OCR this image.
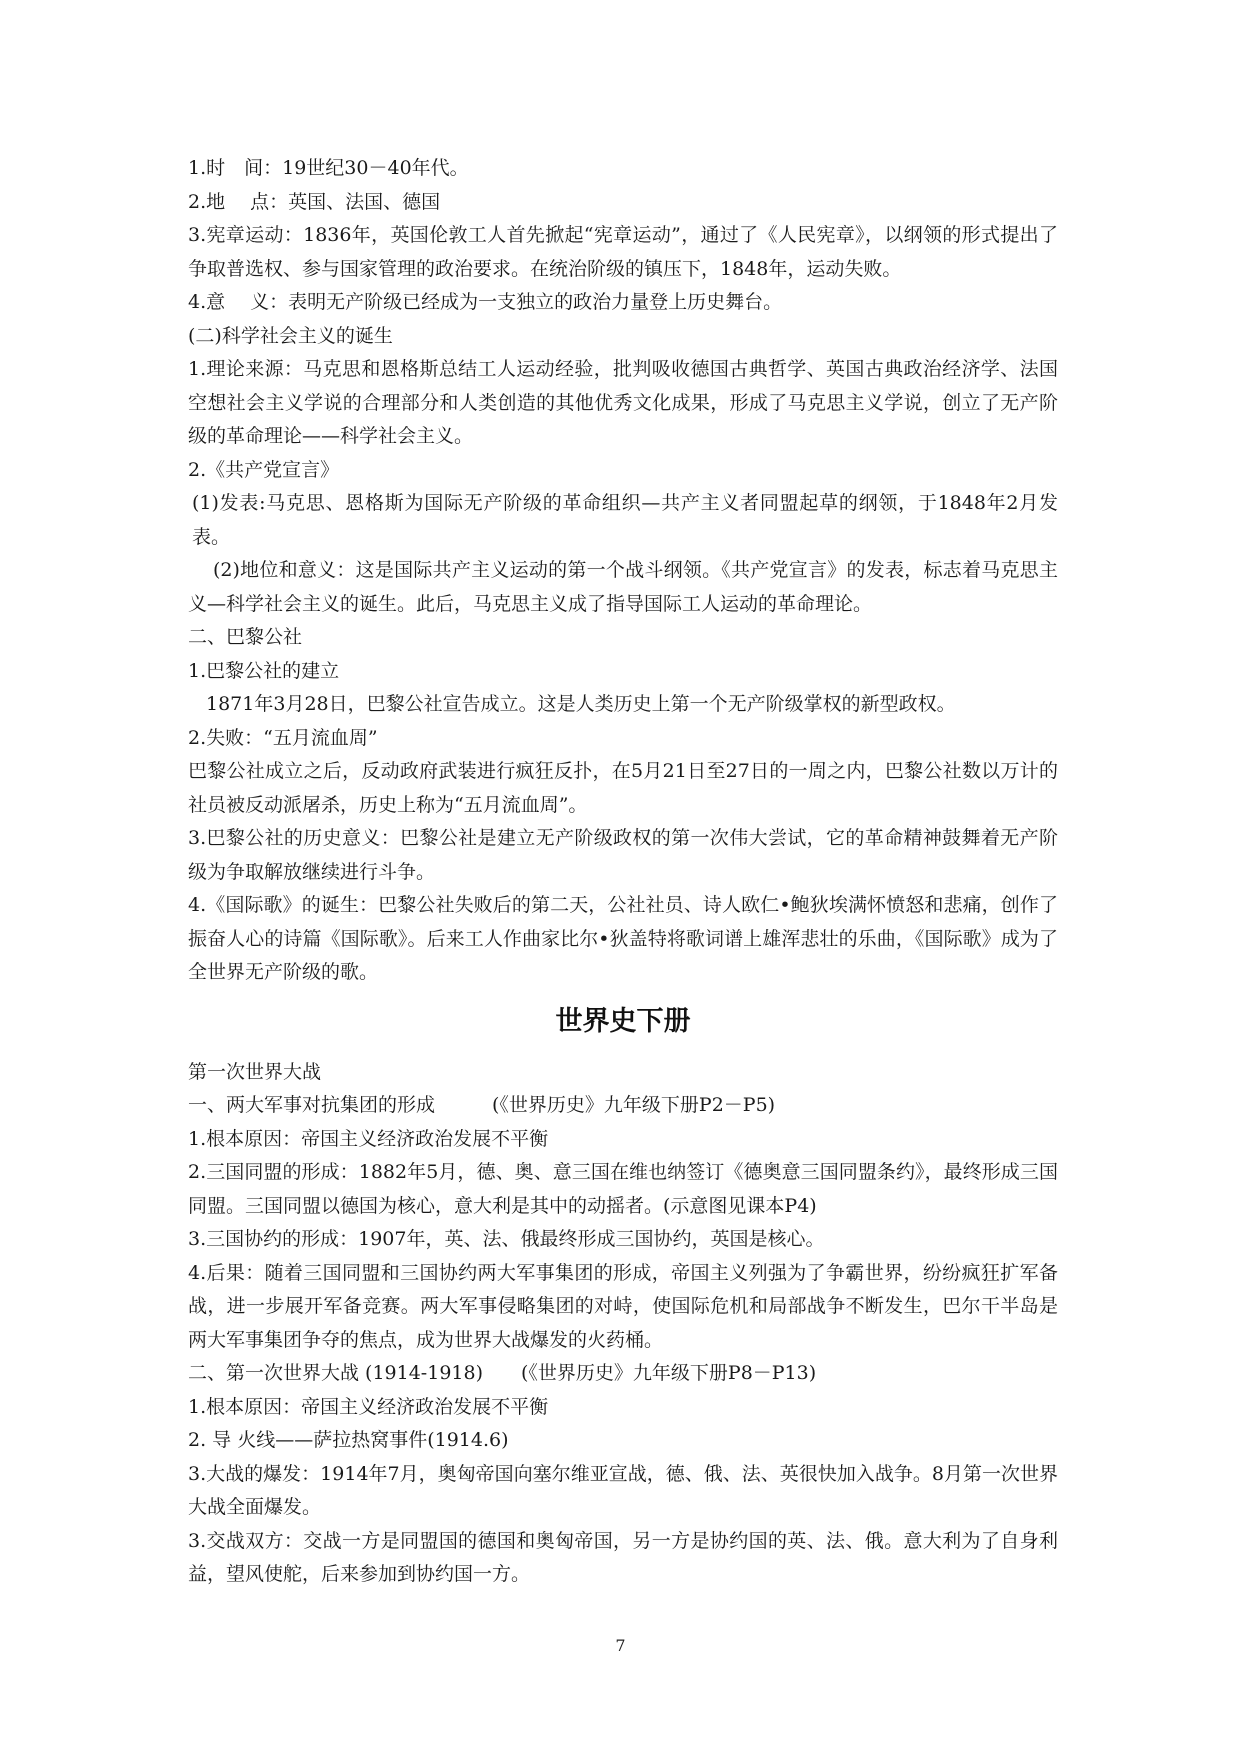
1.时　间：19世纪30－40年代。

2.地　 点：英国、法国、德国

3.宪章运动：1836年，英国伦敦工人首先掀起“宪章运动”，通过了《人民宪章》，以纲领的形式提出了争取普选权、参与国家管理的政治要求。在统治阶级的镇压下，1848年，运动失败。

4.意　 义：表明无产阶级已经成为一支独立的政治力量登上历史舞台。

(二)科学社会主义的诞生

1.理论来源：马克思和恩格斯总结工人运动经验，批判吸收德国古典哲学、英国古典政治经济学、法国空想社会主义学说的合理部分和人类创造的其他优秀文化成果，形成了马克思主义学说，创立了无产阶级的革命理论——科学社会主义。

2.《共产党宣言》

(1)发表:马克思、恩格斯为国际无产阶级的革命组织—共产主义者同盟起草的纲领，于1848年2月发表。

(2)地位和意义：这是国际共产主义运动的第一个战斗纲领。《共产党宣言》的发表，标志着马克思主义—科学社会主义的诞生。此后，马克思主义成了指导国际工人运动的革命理论。

二、巴黎公社

1.巴黎公社的建立

1871年3月28日，巴黎公社宣告成立。这是人类历史上第一个无产阶级掌权的新型政权。

2.失败：“五月流血周”

巴黎公社成立之后，反动政府武装进行疯狂反扑，在5月21日至27日的一周之内，巴黎公社数以万计的社员被反动派屠杀，历史上称为“五月流血周”。

3.巴黎公社的历史意义：巴黎公社是建立无产阶级政权的第一次伟大尝试，它的革命精神鼓舞着无产阶级为争取解放继续进行斗争。

4.《国际歌》的诞生：巴黎公社失败后的第二天，公社社员、诗人欧仁•鲍狄埃满怀愤怒和悲痛，创作了振奋人心的诗篇《国际歌》。后来工人作曲家比尔•狄盖特将歌词谱上雄浑悲壮的乐曲，《国际歌》成为了全世界无产阶级的歌。

世界史下册

第一次世界大战

一、两大军事对抗集团的形成　　　(《世界历史》九年级下册P2－P5)

1.根本原因：帝国主义经济政治发展不平衡

2.三国同盟的形成：1882年5月，德、奥、意三国在维也纳签订《德奥意三国同盟条约》，最终形成三国同盟。三国同盟以德国为核心，意大利是其中的动摇者。(示意图见课本P4)

3.三国协约的形成：1907年，英、法、俄最终形成三国协约，英国是核心。

4.后果：随着三国同盟和三国协约两大军事集团的形成，帝国主义列强为了争霸世界，纷纷疯狂扩军备战，进一步展开军备竞赛。两大军事侵略集团的对峙，使国际危机和局部战争不断发生，巴尔干半岛是两大军事集团争夺的焦点，成为世界大战爆发的火药桶。

二、第一次世界大战 (1914-1918)　　(《世界历史》九年级下册P8－P13)

1.根本原因：帝国主义经济政治发展不平衡

2. 导 火线——萨拉热窝事件(1914.6)

3.大战的爆发：1914年7月，奥匈帝国向塞尔维亚宣战，德、俄、法、英很快加入战争。8月第一次世界大战全面爆发。

3.交战双方：交战一方是同盟国的德国和奥匈帝国，另一方是协约国的英、法、俄。意大利为了自身利益，望风使舵，后来参加到协约国一方。

7
